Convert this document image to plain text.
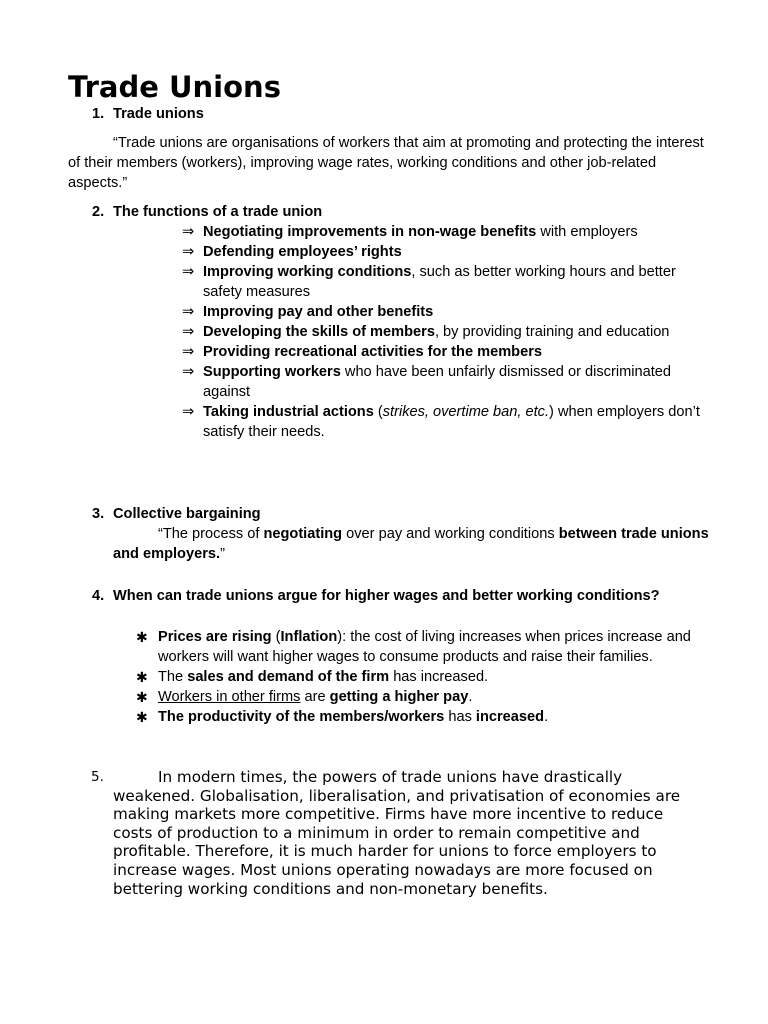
Trade Unions
1. Trade unions
“Trade unions are organisations of workers that aim at promoting and protecting the interest of their members (workers), improving wage rates, working conditions and other job-related aspects.”
2. The functions of a trade union
⇒ Negotiating improvements in non-wage benefits with employers
⇒ Defending employees’ rights
⇒ Improving working conditions, such as better working hours and better safety measures
⇒ Improving pay and other benefits
⇒ Developing the skills of members, by providing training and education
⇒ Providing recreational activities for the members
⇒ Supporting workers who have been unfairly dismissed or discriminated against
⇒ Taking industrial actions (strikes, overtime ban, etc.) when employers don’t satisfy their needs.
3. Collective bargaining
“The process of negotiating over pay and working conditions between trade unions and employers.”
4. When can trade unions argue for higher wages and better working conditions?
✱ Prices are rising (Inflation): the cost of living increases when prices increase and workers will want higher wages to consume products and raise their families.
✱ The sales and demand of the firm has increased.
✱ Workers in other firms are getting a higher pay.
✱ The productivity of the members/workers has increased.
5.	In modern times, the powers of trade unions have drastically weakened. Globalisation, liberalisation, and privatisation of economies are making markets more competitive. Firms have more incentive to reduce costs of production to a minimum in order to remain competitive and profitable. Therefore, it is much harder for unions to force employers to increase wages. Most unions operating nowadays are more focused on bettering working conditions and non-monetary benefits.
